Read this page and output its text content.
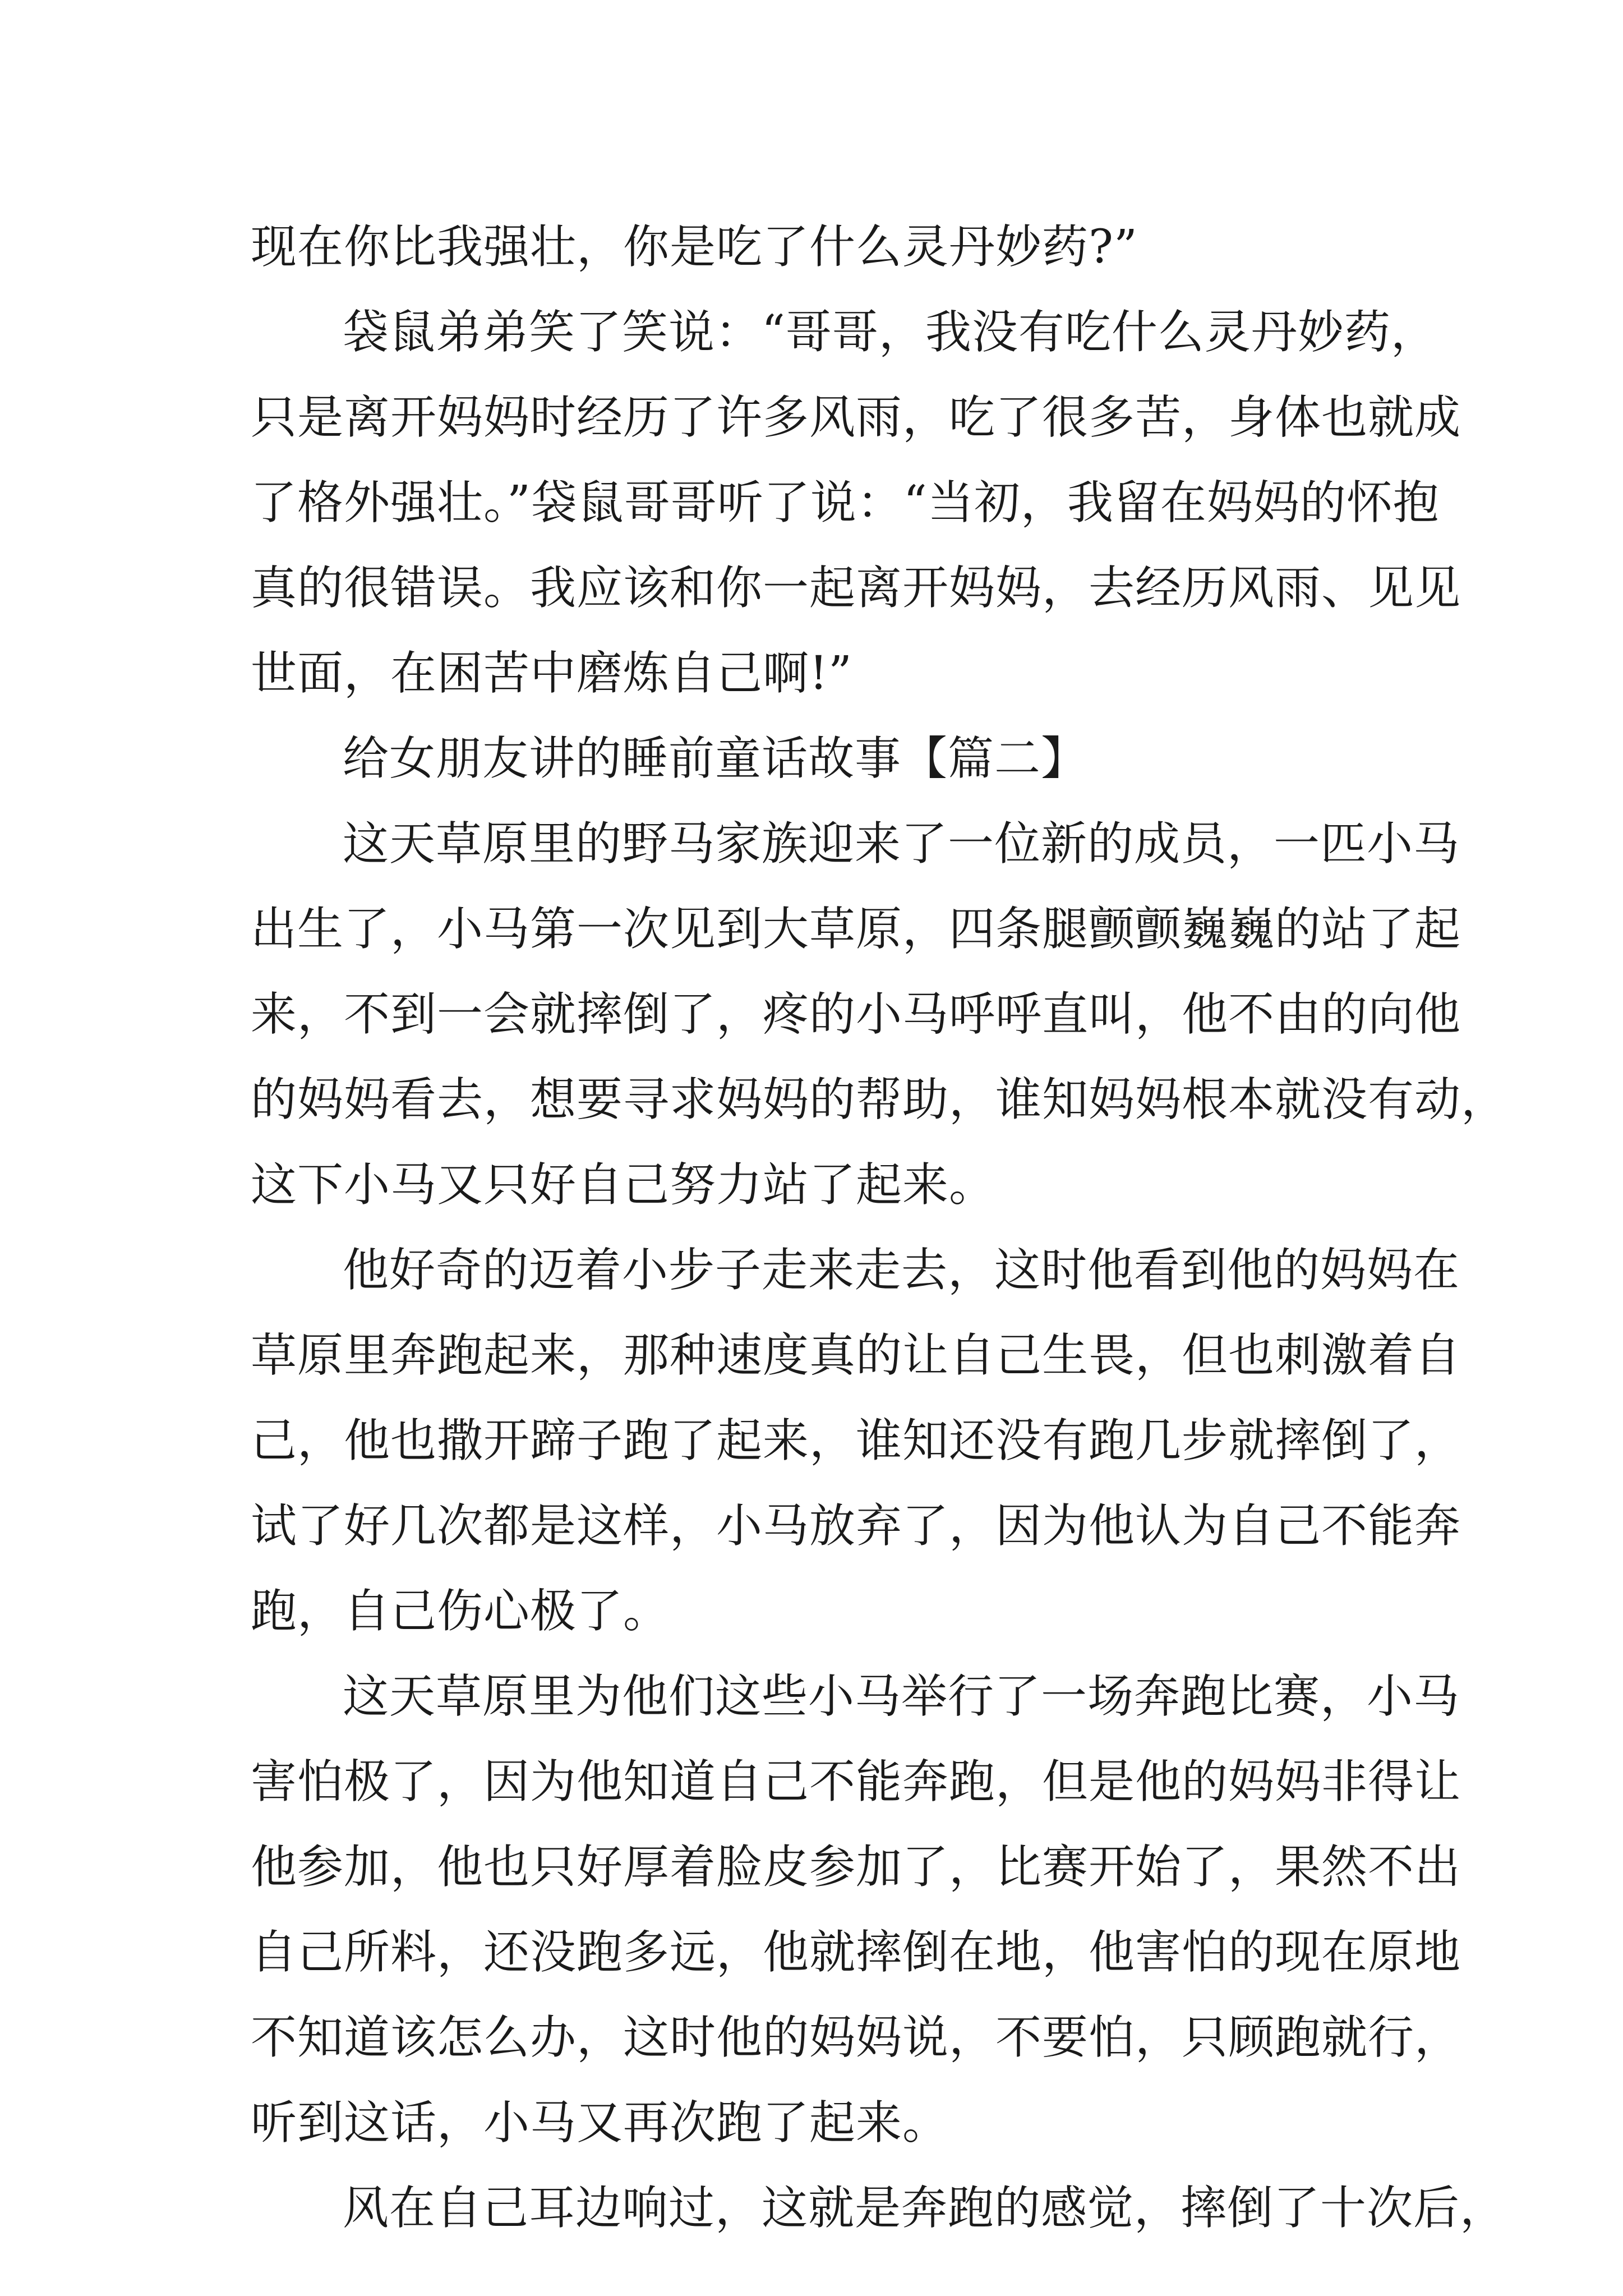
现在你比我强壮，你是吃了什么灵丹妙药?”
袋鼠弟弟笑了笑说：“哥哥，我没有吃什么灵丹妙药，
只是离开妈妈时经历了许多风雨，吃了很多苦，身体也就成
了格外强壮。”袋鼠哥哥听了说：“当初，我留在妈妈的怀抱
真的很错误。我应该和你一起离开妈妈，去经历风雨、见见
世面，在困苦中磨炼自己啊!”
给女朋友讲的睡前童话故事【篇二】
这天草原里的野马家族迎来了一位新的成员，一匹小马
出生了，小马第一次见到大草原，四条腿颤颤巍巍的站了起
来，不到一会就摔倒了，疼的小马呼呼直叫，他不由的向他
的妈妈看去，想要寻求妈妈的帮助，谁知妈妈根本就没有动，
这下小马又只好自己努力站了起来。
他好奇的迈着小步子走来走去，这时他看到他的妈妈在
草原里奔跑起来，那种速度真的让自己生畏，但也刺激着自
己，他也撒开蹄子跑了起来，谁知还没有跑几步就摔倒了，
试了好几次都是这样，小马放弃了，因为他认为自己不能奔
跑，自己伤心极了。
这天草原里为他们这些小马举行了一场奔跑比赛，小马
害怕极了，因为他知道自己不能奔跑，但是他的妈妈非得让
他参加，他也只好厚着脸皮参加了，比赛开始了，果然不出
自己所料，还没跑多远，他就摔倒在地，他害怕的现在原地
不知道该怎么办，这时他的妈妈说，不要怕，只顾跑就行，
听到这话，小马又再次跑了起来。
风在自己耳边响过，这就是奔跑的感觉，摔倒了十次后，
